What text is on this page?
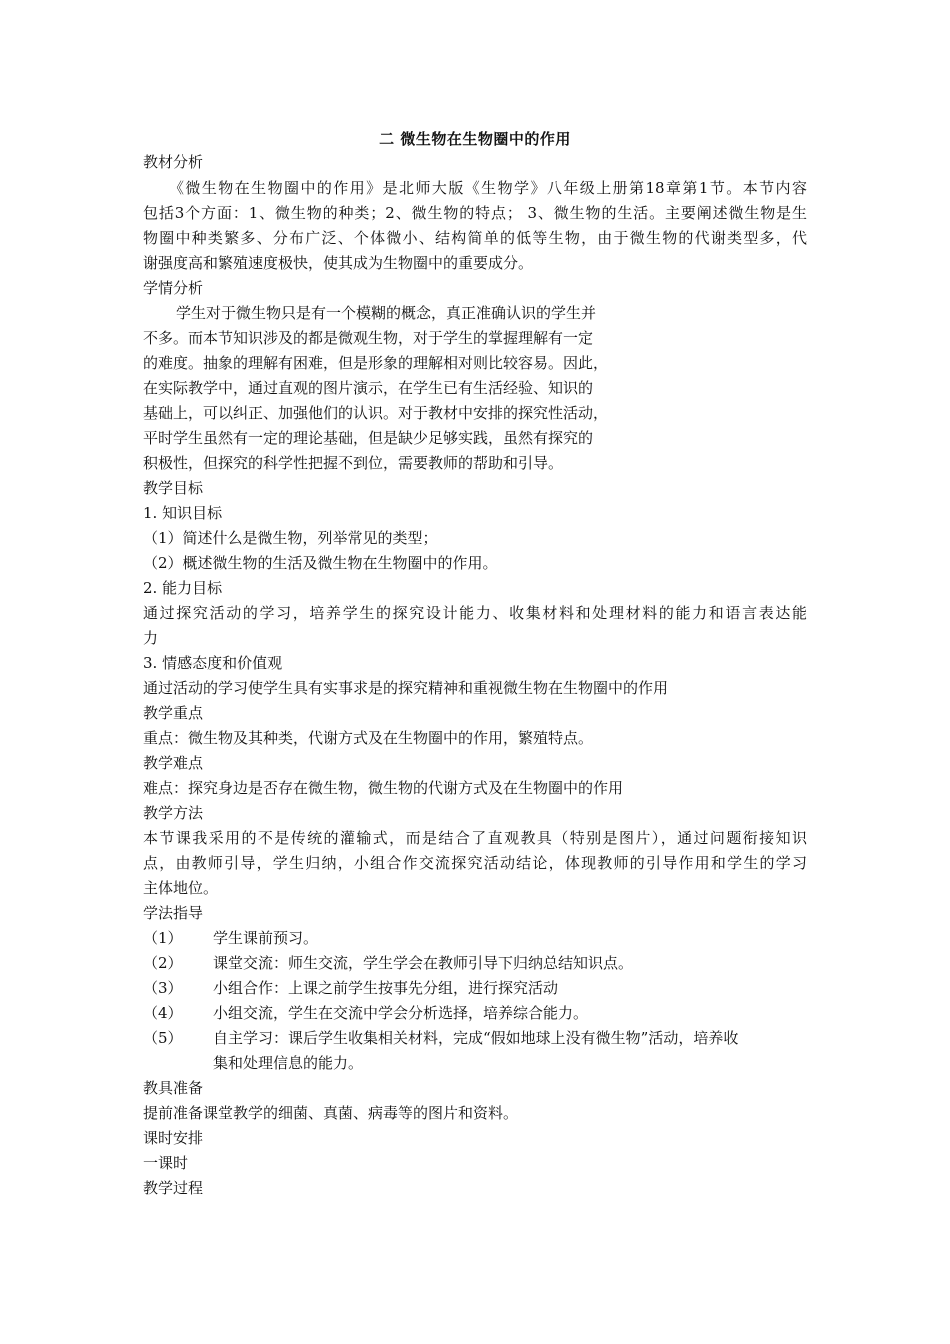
二 微生物在生物圈中的作用
教材分析
《微生物在生物圈中的作用》是北师大版《生物学》八年级上册第18章第1节。本节内容
包括3个方面：1、微生物的种类；2、微生物的特点； 3、微生物的生活。主要阐述微生物是生
物圈中种类繁多、分布广泛、个体微小、结构简单的低等生物，由于微生物的代谢类型多，代
谢强度高和繁殖速度极快，使其成为生物圈中的重要成分。
学情分析
学生对于微生物只是有一个模糊的概念，真正准确认识的学生并
不多。而本节知识涉及的都是微观生物，对于学生的掌握理解有一定
的难度。抽象的理解有困难，但是形象的理解相对则比较容易。因此，
在实际教学中，通过直观的图片演示，在学生已有生活经验、知识的
基础上，可以纠正、加强他们的认识。对于教材中安排的探究性活动，
平时学生虽然有一定的理论基础，但是缺少足够实践，虽然有探究的
积极性，但探究的科学性把握不到位，需要教师的帮助和引导。
教学目标
1. 知识目标
（1）简述什么是微生物，列举常见的类型；
（2）概述微生物的生活及微生物在生物圈中的作用。
2. 能力目标
通过探究活动的学习，培养学生的探究设计能力、收集材料和处理材料的能力和语言表达能
力
3. 情感态度和价值观
通过活动的学习使学生具有实事求是的探究精神和重视微生物在生物圈中的作用
教学重点
重点：微生物及其种类，代谢方式及在生物圈中的作用，繁殖特点。
教学难点
难点：探究身边是否存在微生物，微生物的代谢方式及在生物圈中的作用
教学方法
本节课我采用的不是传统的灌输式，而是结合了直观教具（特别是图片），通过问题衔接知识
点，由教师引导，学生归纳，小组合作交流探究活动结论，体现教师的引导作用和学生的学习
主体地位。
学法指导
（1） 学生课前预习。
（2） 课堂交流：师生交流，学生学会在教师引导下归纳总结知识点。
（3） 小组合作：上课之前学生按事先分组，进行探究活动
（4） 小组交流，学生在交流中学会分析选择，培养综合能力。
（5） 自主学习：课后学生收集相关材料，完成“假如地球上没有微生物”活动，培养收
集和处理信息的能力。
教具准备
提前准备课堂教学的细菌、真菌、病毒等的图片和资料。
课时安排
一课时
教学过程
